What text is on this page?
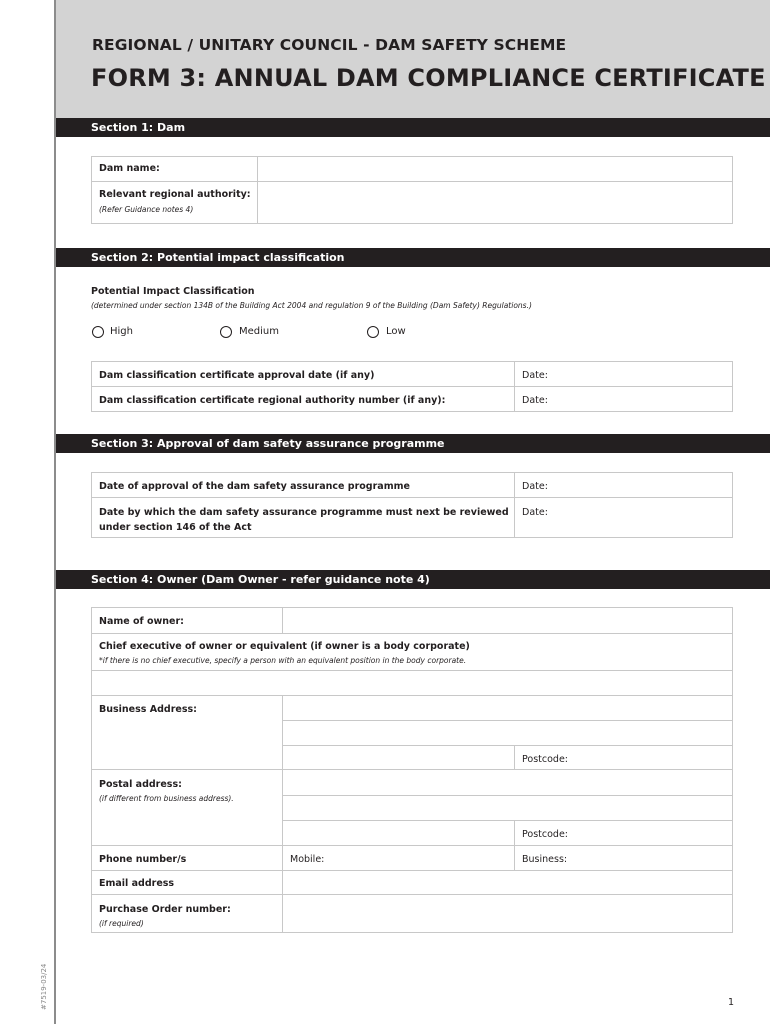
REGIONAL / UNITARY COUNCIL - DAM SAFETY SCHEME
FORM 3: ANNUAL DAM COMPLIANCE CERTIFICATE
Section 1: Dam
Dam name:
Relevant regional authority:
(Refer Guidance notes 4)
Section 2: Potential impact classification
Potential Impact Classification
(determined under section 134B of the Building Act 2004 and regulation 9 of the Building (Dam Safety) Regulations.)
High	Medium	Low
Dam classification certificate approval date (if any)	Date:
Dam classification certificate regional authority number (if any):	Date:
Section 3: Approval of dam safety assurance programme
Date of approval of the dam safety assurance programme	Date:
Date by which the dam safety assurance programme must next be reviewed
under section 146 of the Act
Date:
Section 4: Owner (Dam Owner - refer guidance note 4)
Name of owner:
Chief executive of owner or equivalent (if owner is a body corporate)
*if there is no chief executive, specify a person with an equivalent position in the body corporate.
Business Address:
Postcode:
Postal address:
(if different from business address).
Postcode:
Phone number/s	Mobile:	Business:
Email address
Purchase Order number:
(if required)
#7519-03/24	1
